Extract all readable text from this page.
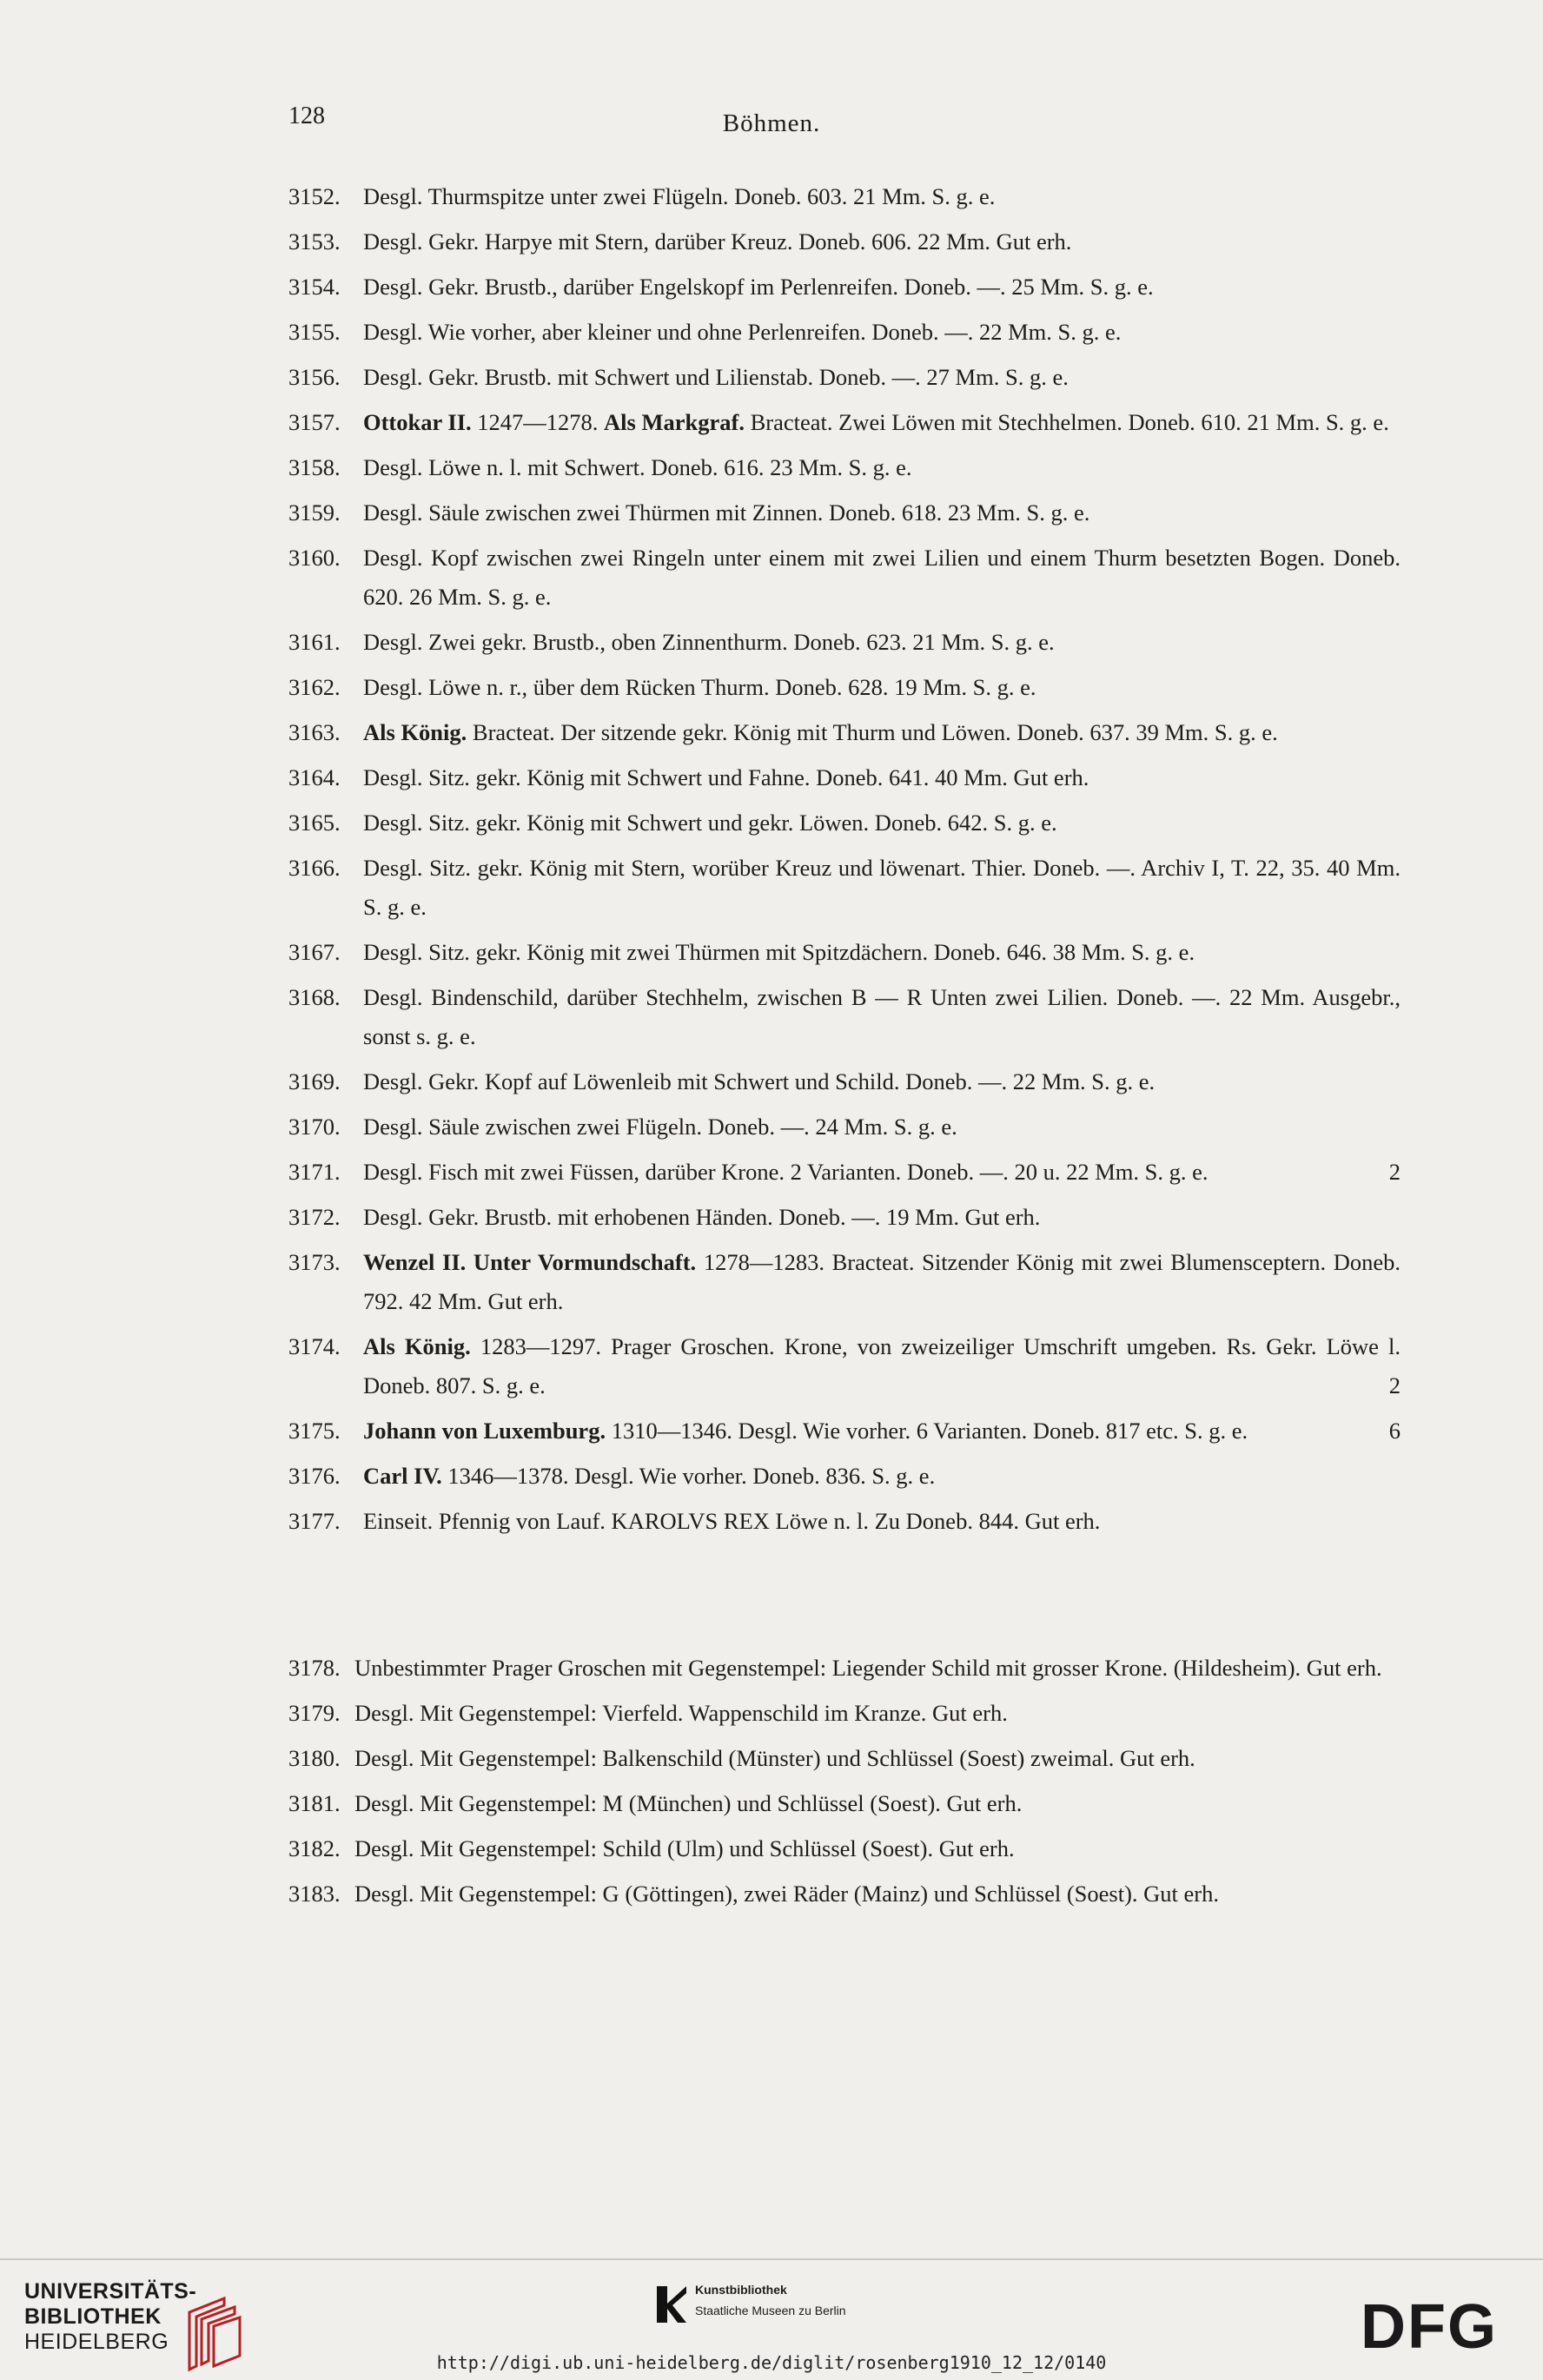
128	Böhmen.
3152. Desgl. Thurmspitze unter zwei Flügeln. Doneb. 603. 21 Mm. S. g. e.
3153. Desgl. Gekr. Harpye mit Stern, darüber Kreuz. Doneb. 606. 22 Mm. Gut erh.
3154. Desgl. Gekr. Brustb., darüber Engelskopf im Perlenreifen. Doneb. —. 25 Mm. S. g. e.
3155. Desgl. Wie vorher, aber kleiner und ohne Perlenreifen. Doneb. —. 22 Mm. S. g. e.
3156. Desgl. Gekr. Brustb. mit Schwert und Lilienstab. Doneb. —. 27 Mm. S. g. e.
3157. Ottokar II. 1247—1278. Als Markgraf. Bracteat. Zwei Löwen mit Stechhelmen. Doneb. 610. 21 Mm. S. g. e.
3158. Desgl. Löwe n. l. mit Schwert. Doneb. 616. 23 Mm. S. g. e.
3159. Desgl. Säule zwischen zwei Thürmen mit Zinnen. Doneb. 618. 23 Mm. S. g. e.
3160. Desgl. Kopf zwischen zwei Ringeln unter einem mit zwei Lilien und einem Thurm besetzten Bogen. Doneb. 620. 26 Mm. S. g. e.
3161. Desgl. Zwei gekr. Brustb., oben Zinnenthurm. Doneb. 623. 21 Mm. S. g. e.
3162. Desgl. Löwe n. r., über dem Rücken Thurm. Doneb. 628. 19 Mm. S. g. e.
3163. Als König. Bracteat. Der sitzende gekr. König mit Thurm und Löwen. Doneb. 637. 39 Mm. S. g. e.
3164. Desgl. Sitz. gekr. König mit Schwert und Fahne. Doneb. 641. 40 Mm. Gut erh.
3165. Desgl. Sitz. gekr. König mit Schwert und gekr. Löwen. Doneb. 642. S. g. e.
3166. Desgl. Sitz. gekr. König mit Stern, worüber Kreuz und löwenart. Thier. Doneb. —. Archiv I, T. 22, 35. 40 Mm. S. g. e.
3167. Desgl. Sitz. gekr. König mit zwei Thürmen mit Spitzdächern. Doneb. 646. 38 Mm. S. g. e.
3168. Desgl. Bindenschild, darüber Stechhelm, zwischen B — R Unten zwei Lilien. Doneb. —. 22 Mm. Ausgebr., sonst s. g. e.
3169. Desgl. Gekr. Kopf auf Löwenleib mit Schwert und Schild. Doneb. —. 22 Mm. S. g. e.
3170. Desgl. Säule zwischen zwei Flügeln. Doneb. —. 24 Mm. S. g. e.
3171. Desgl. Fisch mit zwei Füssen, darüber Krone. 2 Varianten. Doneb. —. 20 u. 22 Mm. S. g. e.	2
3172. Desgl. Gekr. Brustb. mit erhobenen Händen. Doneb. —. 19 Mm. Gut erh.
3173. Wenzel II. Unter Vormundschaft. 1278—1283. Bracteat. Sitzender König mit zwei Blumensceptern. Doneb. 792. 42 Mm. Gut erh.
3174. Als König. 1283—1297. Prager Groschen. Krone, von zweizeiliger Umschrift umgeben. Rs. Gekr. Löwe l. Doneb. 807. S. g. e.	2
3175. Johann von Luxemburg. 1310—1346. Desgl. Wie vorher. 6 Varianten. Doneb. 817 etc. S. g. e.	6
3176. Carl IV. 1346—1378. Desgl. Wie vorher. Doneb. 836. S. g. e.
3177. Einseit. Pfennig von Lauf. KAROLVS REX Löwe n. l. Zu Doneb. 844. Gut erh.
3178. Unbestimmter Prager Groschen mit Gegenstempel: Liegender Schild mit grosser Krone. (Hildesheim). Gut erh.
3179. Desgl. Mit Gegenstempel: Vierfeld. Wappenschild im Kranze. Gut erh.
3180. Desgl. Mit Gegenstempel: Balkenschild (Münster) und Schlüssel (Soest) zweimal. Gut erh.
3181. Desgl. Mit Gegenstempel: M (München) und Schlüssel (Soest). Gut erh.
3182. Desgl. Mit Gegenstempel: Schild (Ulm) und Schlüssel (Soest). Gut erh.
3183. Desgl. Mit Gegenstempel: G (Göttingen), zwei Räder (Mainz) und Schlüssel (Soest). Gut erh.
UNIVERSITÄTS-
BIBLIOTHEK
HEIDELBERG
Kunstbibliothek
Staatliche Museen zu Berlin	DFG
http://digi.ub.uni-heidelberg.de/diglit/rosenberg1910_12_12/0140
